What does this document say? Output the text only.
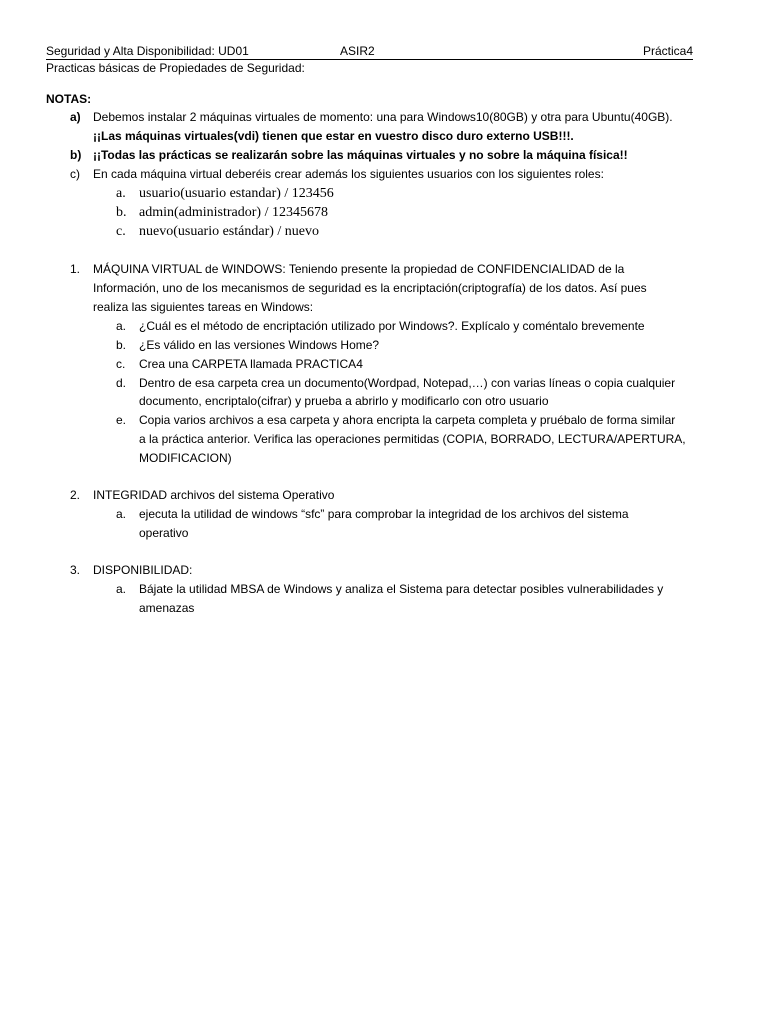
Seguridad y Alta Disponibilidad: UD01	ASIR2	Práctica4
Practicas básicas de Propiedades de Seguridad:
NOTAS:
a) Debemos instalar 2 máquinas virtuales de momento: una para Windows10(80GB) y otra para Ubuntu(40GB).
¡¡Las máquinas virtuales(vdi) tienen que estar en vuestro disco duro externo USB!!!.
b) ¡¡Todas las prácticas se realizarán sobre las máquinas virtuales y no sobre la máquina física!!
c) En cada máquina virtual deberéis crear además los siguientes usuarios con los siguientes roles:
a. usuario(usuario estandar) / 123456
b. admin(administrador) / 12345678
c. nuevo(usuario estándar) / nuevo
1. MÁQUINA VIRTUAL de WINDOWS: Teniendo presente la propiedad de CONFIDENCIALIDAD de la
Información, uno de los mecanismos de seguridad es la encriptación(criptografía) de los datos. Así pues
realiza las siguientes tareas en Windows:
a. ¿Cuál es el método de encriptación utilizado por Windows?. Explícalo y coméntalo brevemente
b. ¿Es válido en las versiones Windows Home?
c. Crea una CARPETA llamada PRACTICA4
d. Dentro de esa carpeta crea un documento(Wordpad, Notepad,…) con varias líneas o copia cualquier
documento, encriptalo(cifrar) y prueba a abrirlo y modificarlo con otro usuario
e. Copia varios archivos a esa carpeta y ahora encripta la carpeta completa y pruébalo de forma similar
a la práctica anterior. Verifica las operaciones permitidas (COPIA, BORRADO, LECTURA/APERTURA,
MODIFICACION)
2. INTEGRIDAD archivos del sistema Operativo
a. ejecuta la utilidad de windows “sfc” para comprobar la integridad de los archivos del sistema
operativo
3. DISPONIBILIDAD:
a. Bájate la utilidad MBSA de Windows y analiza el Sistema para detectar posibles vulnerabilidades y
amenazas
